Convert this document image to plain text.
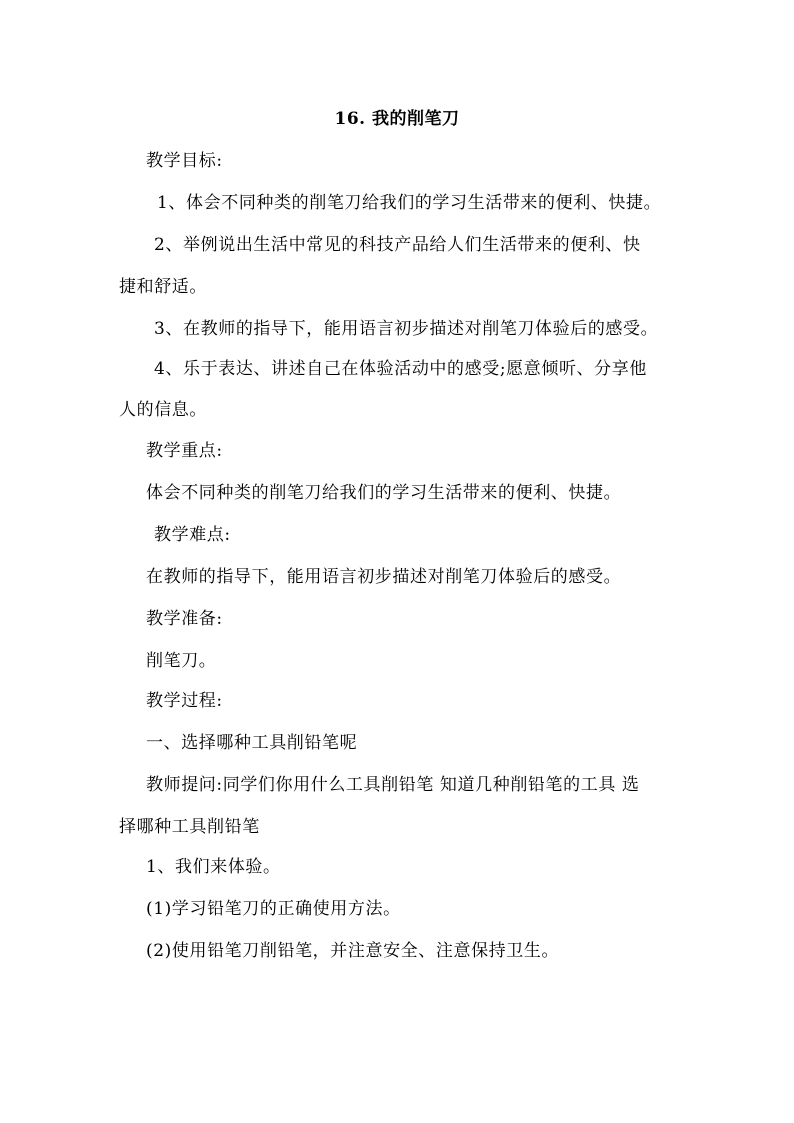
16. 我的削笔刀
教学目标:
1、体会不同种类的削笔刀给我们的学习生活带来的便利、快捷。
2、举例说出生活中常见的科技产品给人们生活带来的便利、快
捷和舒适。
3、在教师的指导下，能用语言初步描述对削笔刀体验后的感受。
4、乐于表达、讲述自己在体验活动中的感受;愿意倾听、分享他
人的信息。
教学重点:
体会不同种类的削笔刀给我们的学习生活带来的便利、快捷。
教学难点:
在教师的指导下，能用语言初步描述对削笔刀体验后的感受。
教学准备:
削笔刀。
教学过程:
一、选择哪种工具削铅笔呢
教师提问:同学们你用什么工具削铅笔 知道几种削铅笔的工具 选
择哪种工具削铅笔
1、我们来体验。
(1)学习铅笔刀的正确使用方法。
(2)使用铅笔刀削铅笔，并注意安全、注意保持卫生。
